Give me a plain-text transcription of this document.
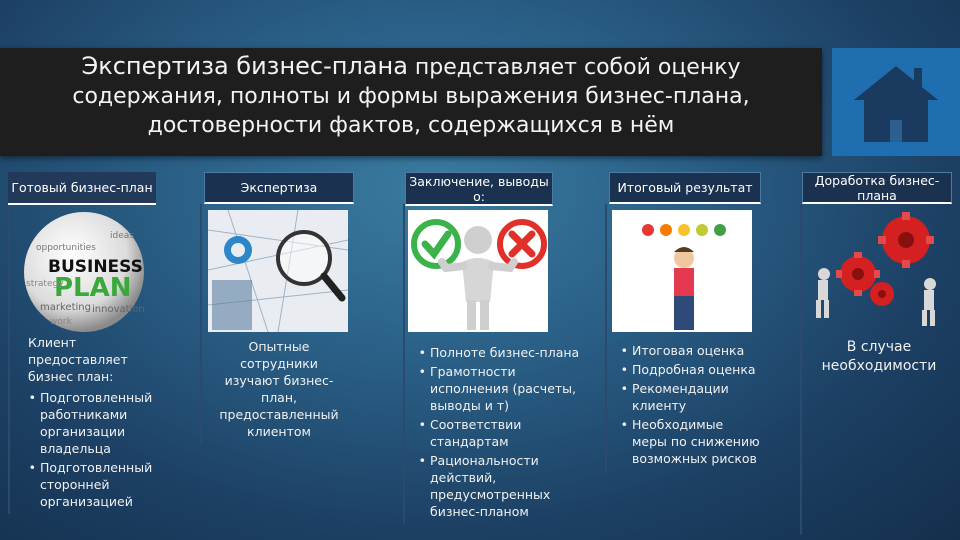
Экспертиза бизнес-плана представляет собой оценку
содержания, полноты и формы выражения бизнес-плана,
достоверности фактов, содержащихся в нём
Готовый бизнес-план
opportunities
ideas
BUSINESS
PLAN
marketing innovation
work
strategy
Клиент предоставляет бизнес план:
• Подготовленный работниками организации владельца
• Подготовленный сторонней организацией
Экспертиза
Опытные сотрудники изучают бизнес-план, предоставленный клиентом
Заключение, выводы о:
• Полноте бизнес-плана
• Грамотности исполнения (расчеты, выводы и т)
• Соответствии стандартам
• Рациональности действий, предусмотренных бизнес-планом
Итоговый результат
• Итоговая оценка
• Подробная оценка
• Рекомендации клиенту
• Необходимые меры по снижению возможных рисков
Доработка бизнес-плана
В случае необходимости
